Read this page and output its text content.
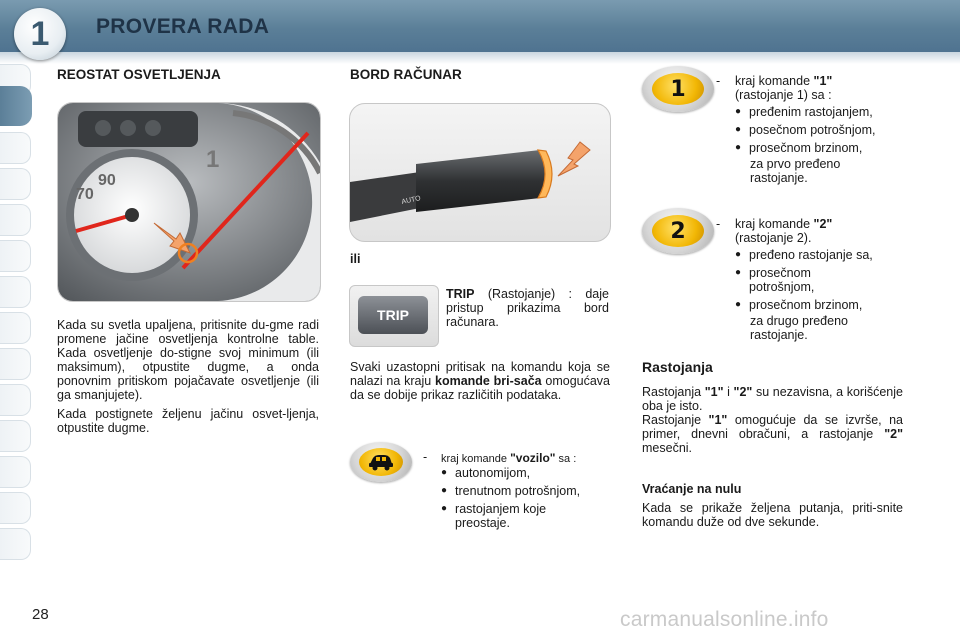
1	PROVERA RADA
REOSTAT OSVETLJENJA
90
70
1
Kada su svetla upaljena, pritisnite du-gme radi promene jačine osvetljenja kontrolne table. Kada osvetljenje do-stigne svoj minimum (ili maksimum), otpustite dugme, a onda ponovnim pritiskom pojačavate osvetljenje (ili ga smanjujete).
Kada postignete željenu jačinu osvet-ljenja, otpustite dugme.
BORD RAČUNAR
AUTO
ili
TRIP
TRIP (Rastojanje) : daje pristup prikazima bord računara.
Svaki uzastopni pritisak na komandu koja se nalazi na kraju komande bri-sača omogućava da se dobije prikaz različitih podataka.
- kraj komande "vozilo" sa :
● autonomijom,
● trenutnom potrošnjom,
● rastojanjem koje preostaje.
1	- kraj komande "1"
(rastojanje 1) sa :
● pređenim rastojanjem,
● posečnom potrošnjom,
● prosečnom brzinom,
za prvo pređeno rastojanje.
2	- kraj komande "2"
(rastojanje 2).
● pređeno rastojanje sa,
● prosečnom potrošnjom,
● prosečnom brzinom,
za drugo pređeno rastojanje.
Rastojanja
Rastojanja "1" i "2" su nezavisna, a korišćenje oba je isto.
Rastojanje "1" omogućuje da se izvrše, na primer, dnevni obračuni, a rastojanje "2" mesečni.
Vraćanje na nulu
Kada se prikaže željena putanja, priti-snite komandu duže od dve sekunde.
28	carmanualsonline.info
